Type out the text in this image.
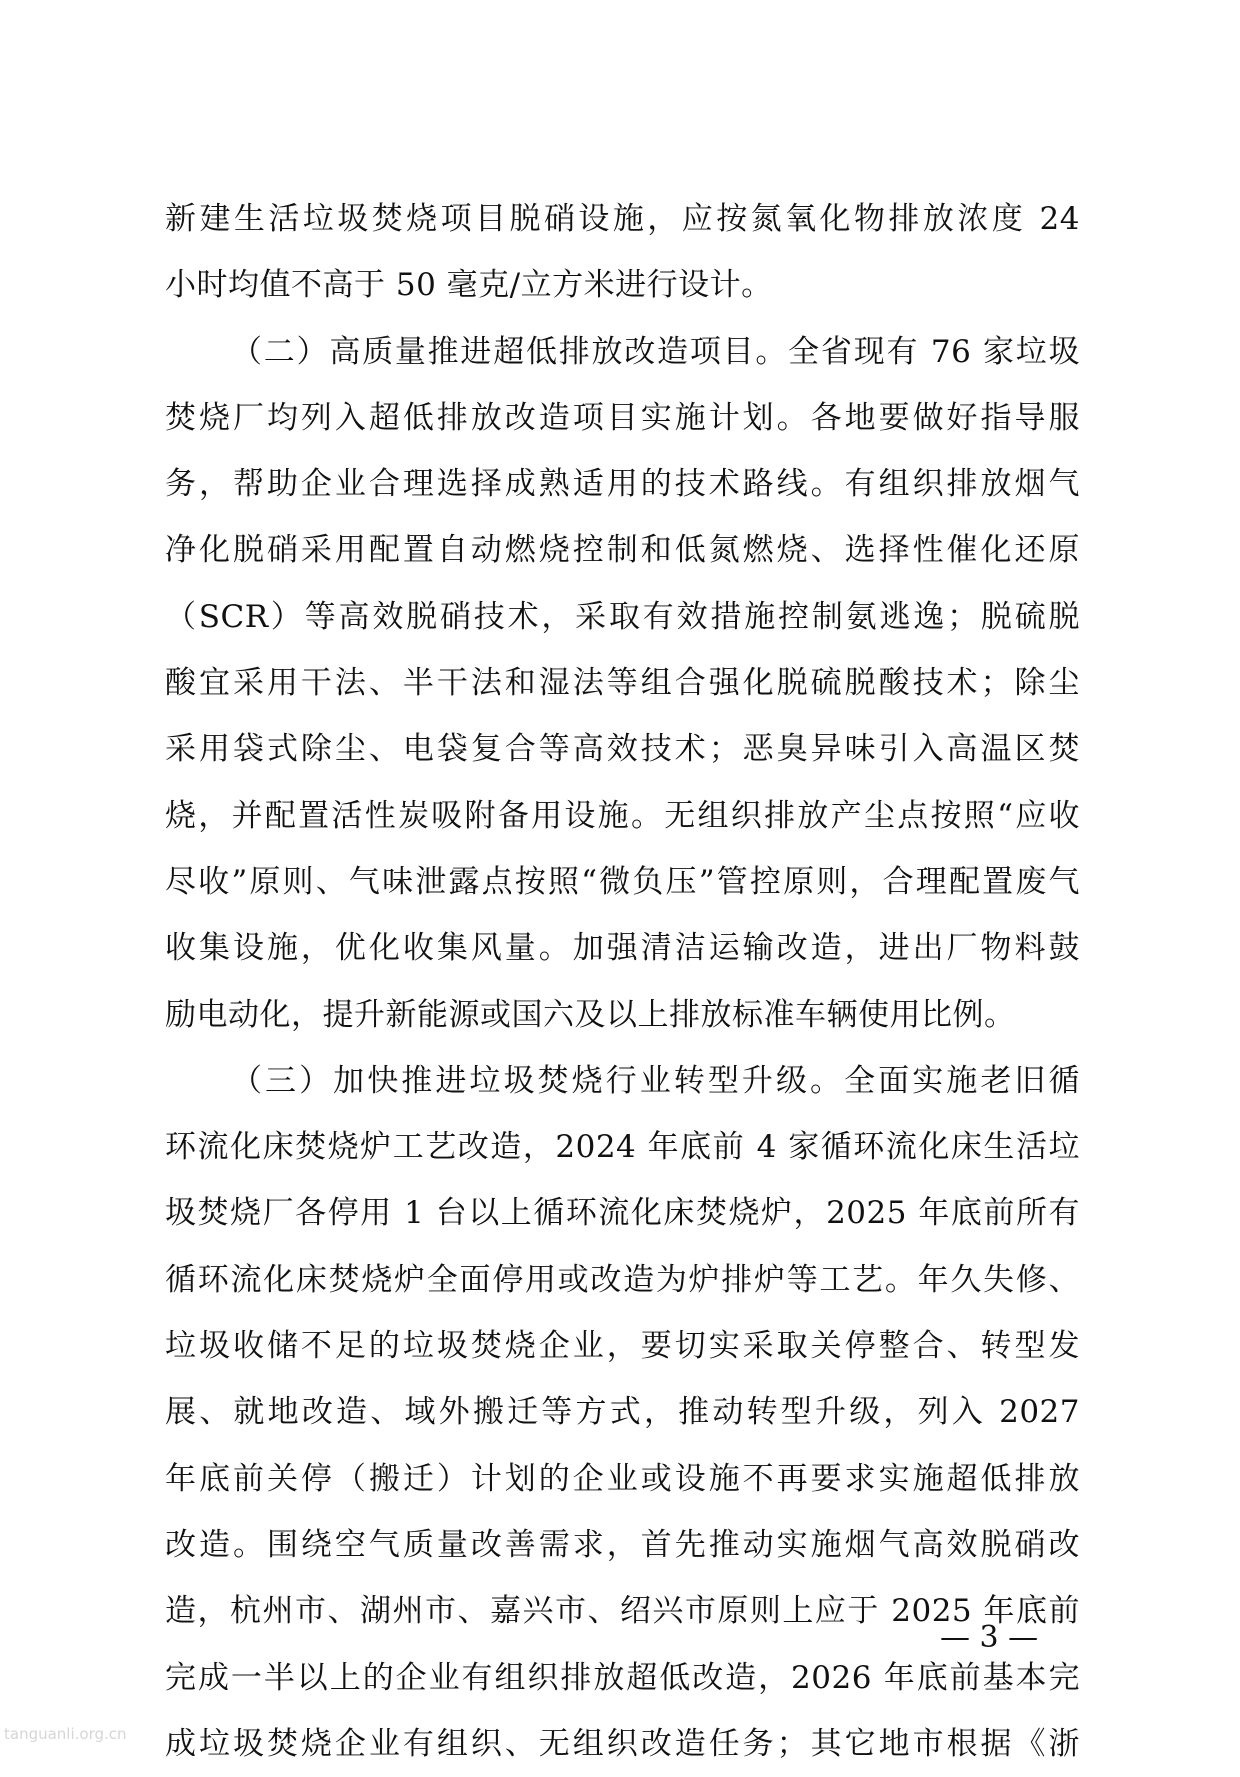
新建生活垃圾焚烧项目脱硝设施，应按氮氧化物排放浓度 24
小时均值不高于 50 毫克/立方米进行设计。
（二）高质量推进超低排放改造项目。全省现有 76 家垃圾
焚烧厂均列入超低排放改造项目实施计划。各地要做好指导服
务，帮助企业合理选择成熟适用的技术路线。有组织排放烟气
净化脱硝采用配置自动燃烧控制和低氮燃烧、选择性催化还原
（SCR）等高效脱硝技术，采取有效措施控制氨逃逸；脱硫脱
酸宜采用干法、半干法和湿法等组合强化脱硫脱酸技术；除尘
采用袋式除尘、电袋复合等高效技术；恶臭异味引入高温区焚
烧，并配置活性炭吸附备用设施。无组织排放产尘点按照“应收
尽收”原则、气味泄露点按照“微负压”管控原则，合理配置废气
收集设施，优化收集风量。加强清洁运输改造，进出厂物料鼓
励电动化，提升新能源或国六及以上排放标准车辆使用比例。
（三）加快推进垃圾焚烧行业转型升级。全面实施老旧循
环流化床焚烧炉工艺改造，2024 年底前 4 家循环流化床生活垃
圾焚烧厂各停用 1 台以上循环流化床焚烧炉，2025 年底前所有
循环流化床焚烧炉全面停用或改造为炉排炉等工艺。年久失修、
垃圾收储不足的垃圾焚烧企业，要切实采取关停整合、转型发
展、就地改造、域外搬迁等方式，推动转型升级，列入 2027
年底前关停（搬迁）计划的企业或设施不再要求实施超低排放
改造。围绕空气质量改善需求，首先推动实施烟气高效脱硝改
造，杭州市、湖州市、嘉兴市、绍兴市原则上应于 2025 年底前
完成一半以上的企业有组织排放超低改造，2026 年底前基本完
成垃圾焚烧企业有组织、无组织改造任务；其它地市根据《浙
— 3 —
tanguanli.org.cn
